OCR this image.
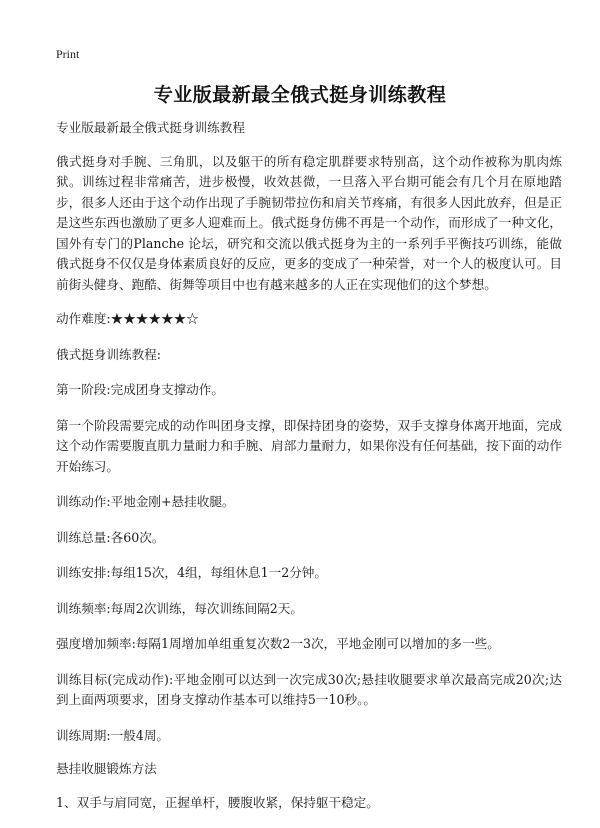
Print
专业版最新最全俄式挺身训练教程

专业版最新最全俄式挺身训练教程

俄式挺身对手腕、三角肌，以及躯干的所有稳定肌群要求特别高，这个动作被称为肌肉炼狱。训练过程非常痛苦，进步极慢，收效甚微，一旦落入平台期可能会有几个月在原地踏步，很多人还由于这个动作出现了手腕韧带拉伤和肩关节疼痛，有很多人因此放弃，但是正是这些东西也激励了更多人迎难而上。俄式挺身仿佛不再是一个动作，而形成了一种文化，国外有专门的Planche 论坛，研究和交流以俄式挺身为主的一系列手平衡技巧训练，能做俄式挺身不仅仅是身体素质良好的反应，更多的变成了一种荣誉，对一个人的极度认可。目前街头健身、跑酷、街舞等项目中也有越来越多的人正在实现他们的这个梦想。

动作难度:★★★★★★☆

俄式挺身训练教程:

第一阶段:完成团身支撑动作。

第一个阶段需要完成的动作叫团身支撑，即保持团身的姿势，双手支撑身体离开地面，完成这个动作需要腹直肌力量耐力和手腕、肩部力量耐力，如果你没有任何基础，按下面的动作开始练习。

训练动作:平地金刚+悬挂收腿。

训练总量:各60次。

训练安排:每组15次，4组，每组休息1一2分钟。

训练频率:每周2次训练，每次训练间隔2天。

强度增加频率:每隔1周增加单组重复次数2一3次，平地金刚可以增加的多一些。

训练目标(完成动作):平地金刚可以达到一次完成30次;悬挂收腿要求单次最高完成20次;达到上面两项要求，团身支撑动作基本可以维持5一10秒。。

训练周期:一般4周。

悬挂收腿锻炼方法

1、双手与肩同宽，正握单杆，腰腹收紧，保持躯干稳定。
